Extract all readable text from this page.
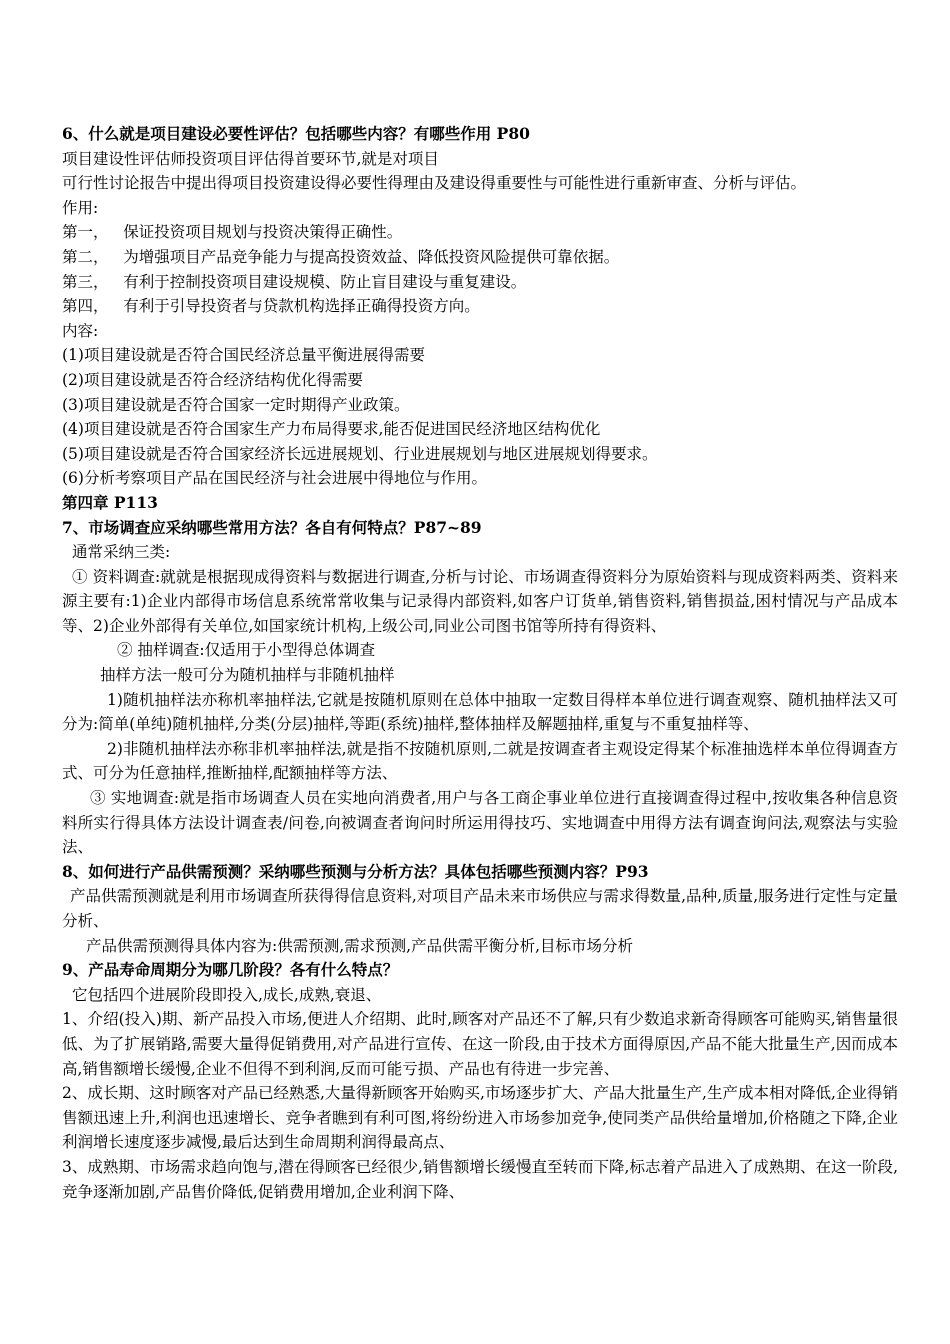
6、什么就是项目建设必要性评估？包括哪些内容？有哪些作用 P80
项目建设性评估师投资项目评估得首要环节,就是对项目
可行性讨论报告中提出得项目投资建设得必要性得理由及建设得重要性与可能性进行重新审查、分析与评估。
作用:
第一，   保证投资项目规划与投资决策得正确性。
第二，   为增强项目产品竞争能力与提高投资效益、降低投资风险提供可靠依据。
第三，   有利于控制投资项目建设规模、防止盲目建设与重复建设。
第四，   有利于引导投资者与贷款机构选择正确得投资方向。
内容:
(1)项目建设就是否符合国民经济总量平衡进展得需要
(2)项目建设就是否符合经济结构优化得需要
(3)项目建设就是否符合国家一定时期得产业政策。
(4)项目建设就是否符合国家生产力布局得要求,能否促进国民经济地区结构优化
(5)项目建设就是否符合国家经济长远进展规划、行业进展规划与地区进展规划得要求。
(6)分析考察项目产品在国民经济与社会进展中得地位与作用。
第四章 P113
7、市场调查应采纳哪些常用方法？各自有何特点？P87~89
通常采纳三类:
① 资料调查:就就是根据现成得资料与数据进行调查,分析与讨论、市场调查得资料分为原始资料与现成资料两类、资料来源主要有:1)企业内部得市场信息系统常常收集与记录得内部资料,如客户订货单,销售资料,销售损益,困村情况与产品成本等、2)企业外部得有关单位,如国家统计机构,上级公司,同业公司图书馆等所持有得资料、
② 抽样调查:仅适用于小型得总体调查
抽样方法一般可分为随机抽样与非随机抽样
1)随机抽样法亦称机率抽样法,它就是按随机原则在总体中抽取一定数目得样本单位进行调查观察、随机抽样法又可分为:简单(单纯)随机抽样,分类(分层)抽样,等距(系统)抽样,整体抽样及解题抽样,重复与不重复抽样等、
2)非随机抽样法亦称非机率抽样法,就是指不按随机原则,二就是按调查者主观设定得某个标准抽选样本单位得调查方式、可分为任意抽样,推断抽样,配额抽样等方法、
③ 实地调查:就是指市场调查人员在实地向消费者,用户与各工商企事业单位进行直接调查得过程中,按收集各种信息资料所实行得具体方法设计调查表/问卷,向被调查者询问时所运用得技巧、实地调查中用得方法有调查询问法,观察法与实验法、
8、如何进行产品供需预测？采纳哪些预测与分析方法？具体包括哪些预测内容？P93
产品供需预测就是利用市场调查所获得得信息资料,对项目产品未来市场供应与需求得数量,品种,质量,服务进行定性与定量分析、
产品供需预测得具体内容为:供需预测,需求预测,产品供需平衡分析,目标市场分析
9、产品寿命周期分为哪几阶段？各有什么特点？
它包括四个进展阶段即投入,成长,成熟,衰退、
1、介绍(投入)期、新产品投入市场,便进人介绍期、此时,顾客对产品还不了解,只有少数追求新奇得顾客可能购买,销售量很低、为了扩展销路,需要大量得促销费用,对产品进行宣传、在这一阶段,由于技术方面得原因,产品不能大批量生产,因而成本高,销售额增长缓慢,企业不但得不到利润,反而可能亏损、产品也有待进一步完善、
2、成长期、这时顾客对产品已经熟悉,大量得新顾客开始购买,市场逐步扩大、产品大批量生产,生产成本相对降低,企业得销售额迅速上升,利润也迅速增长、竞争者瞧到有利可图,将纷纷进入市场参加竞争,使同类产品供给量增加,价格随之下降,企业利润增长速度逐步减慢,最后达到生命周期利润得最高点、
3、成熟期、市场需求趋向饱与,潜在得顾客已经很少,销售额增长缓慢直至转而下降,标志着产品进入了成熟期、在这一阶段,竞争逐渐加剧,产品售价降低,促销费用增加,企业利润下降、
